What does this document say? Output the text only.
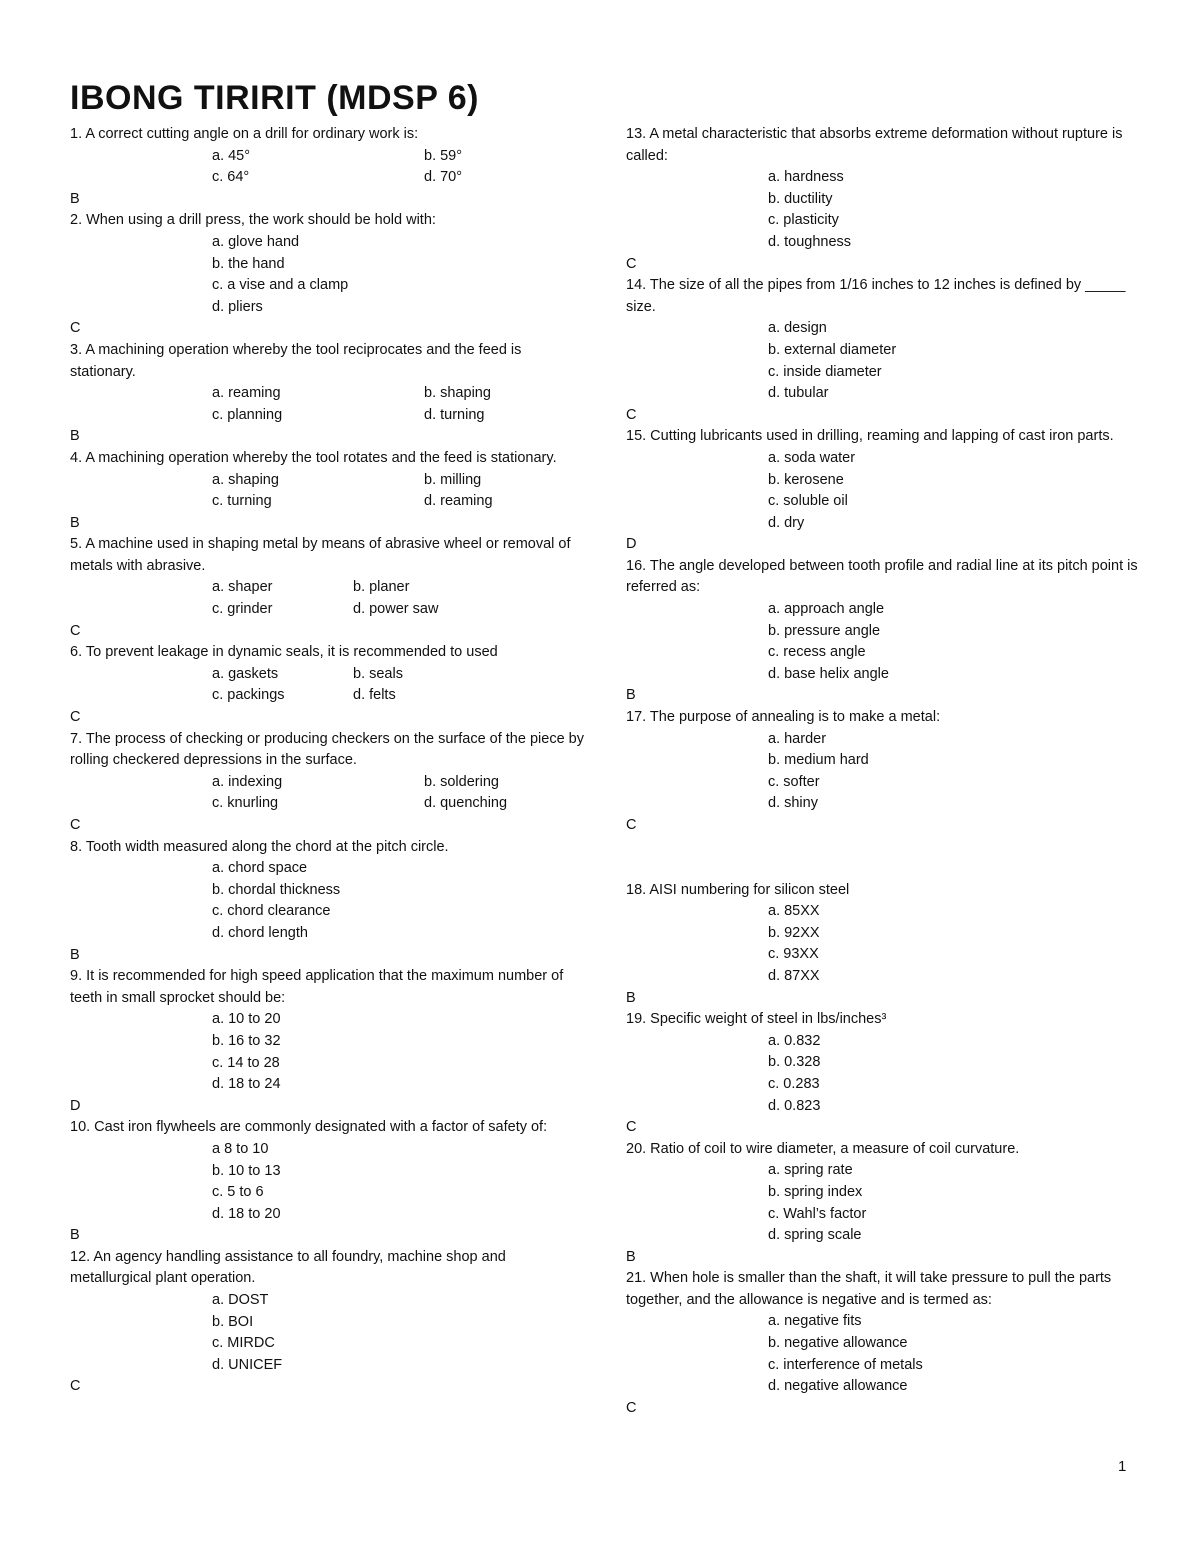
IBONG TIRIRIT (MDSP 6)
1. A correct cutting angle on a drill for ordinary work is:
a. 45°	b. 59°
c. 64°	d. 70°
B
2. When using a drill press, the work should be hold with:
a. glove hand
b. the hand
c. a vise and a clamp
d. pliers
C
3. A machining operation whereby the tool reciprocates and the feed is stationary.
a. reaming	b. shaping
c. planning	d. turning
B
4. A machining operation whereby the tool rotates and the feed is stationary.
a. shaping	b. milling
c. turning	d. reaming
B
5. A machine used in shaping metal by means of abrasive wheel or removal of metals with abrasive.
a. shaper	b. planer
c. grinder	d. power saw
C
6. To prevent leakage in dynamic seals, it is recommended to used
a. gaskets	b. seals
c. packings	d. felts
C
7. The process of checking or producing checkers on the surface of the piece by rolling checkered depressions in the surface.
a. indexing	b. soldering
c. knurling	d. quenching
C
8. Tooth width measured along the chord at the pitch circle.
a. chord space
b. chordal thickness
c. chord clearance
d. chord length
B
9. It is recommended for high speed application that the maximum number of teeth in small sprocket should be:
a. 10 to 20
b. 16 to 32
c. 14 to 28
d. 18 to 24
D
10. Cast iron flywheels are commonly designated with a factor of safety of:
a 8 to 10
b. 10 to 13
c. 5 to 6
d. 18 to 20
B
12. An agency handling assistance to all foundry, machine shop and metallurgical plant operation.
a. DOST
b. BOI
c. MIRDC
d. UNICEF
C
13. A metal characteristic that absorbs extreme deformation without rupture is called:
a. hardness
b. ductility
c. plasticity
d. toughness
C
14. The size of all the pipes from 1/16 inches to 12 inches is defined by _____ size.
a. design
b. external diameter
c. inside diameter
d. tubular
C
15. Cutting lubricants used in drilling, reaming and lapping of cast iron parts.
a. soda water
b. kerosene
c. soluble oil
d. dry
D
16. The angle developed between tooth profile and radial line at its pitch point is referred as:
a. approach angle
b. pressure angle
c. recess angle
d. base helix angle
B
17. The purpose of annealing is to make a metal:
a. harder
b. medium hard
c. softer
d. shiny
C
18. AISI numbering for silicon steel
a. 85XX
b. 92XX
c. 93XX
d. 87XX
B
19. Specific weight of steel in lbs/inches³
a. 0.832
b. 0.328
c. 0.283
d. 0.823
C
20. Ratio of coil to wire diameter, a measure of coil curvature.
a. spring rate
b. spring index
c. Wahl’s factor
d. spring scale
B
21. When hole is smaller than the shaft, it will take pressure to pull the parts together, and the allowance is negative and is termed as:
a. negative fits
b. negative allowance
c. interference of metals
d. negative allowance
C
1
